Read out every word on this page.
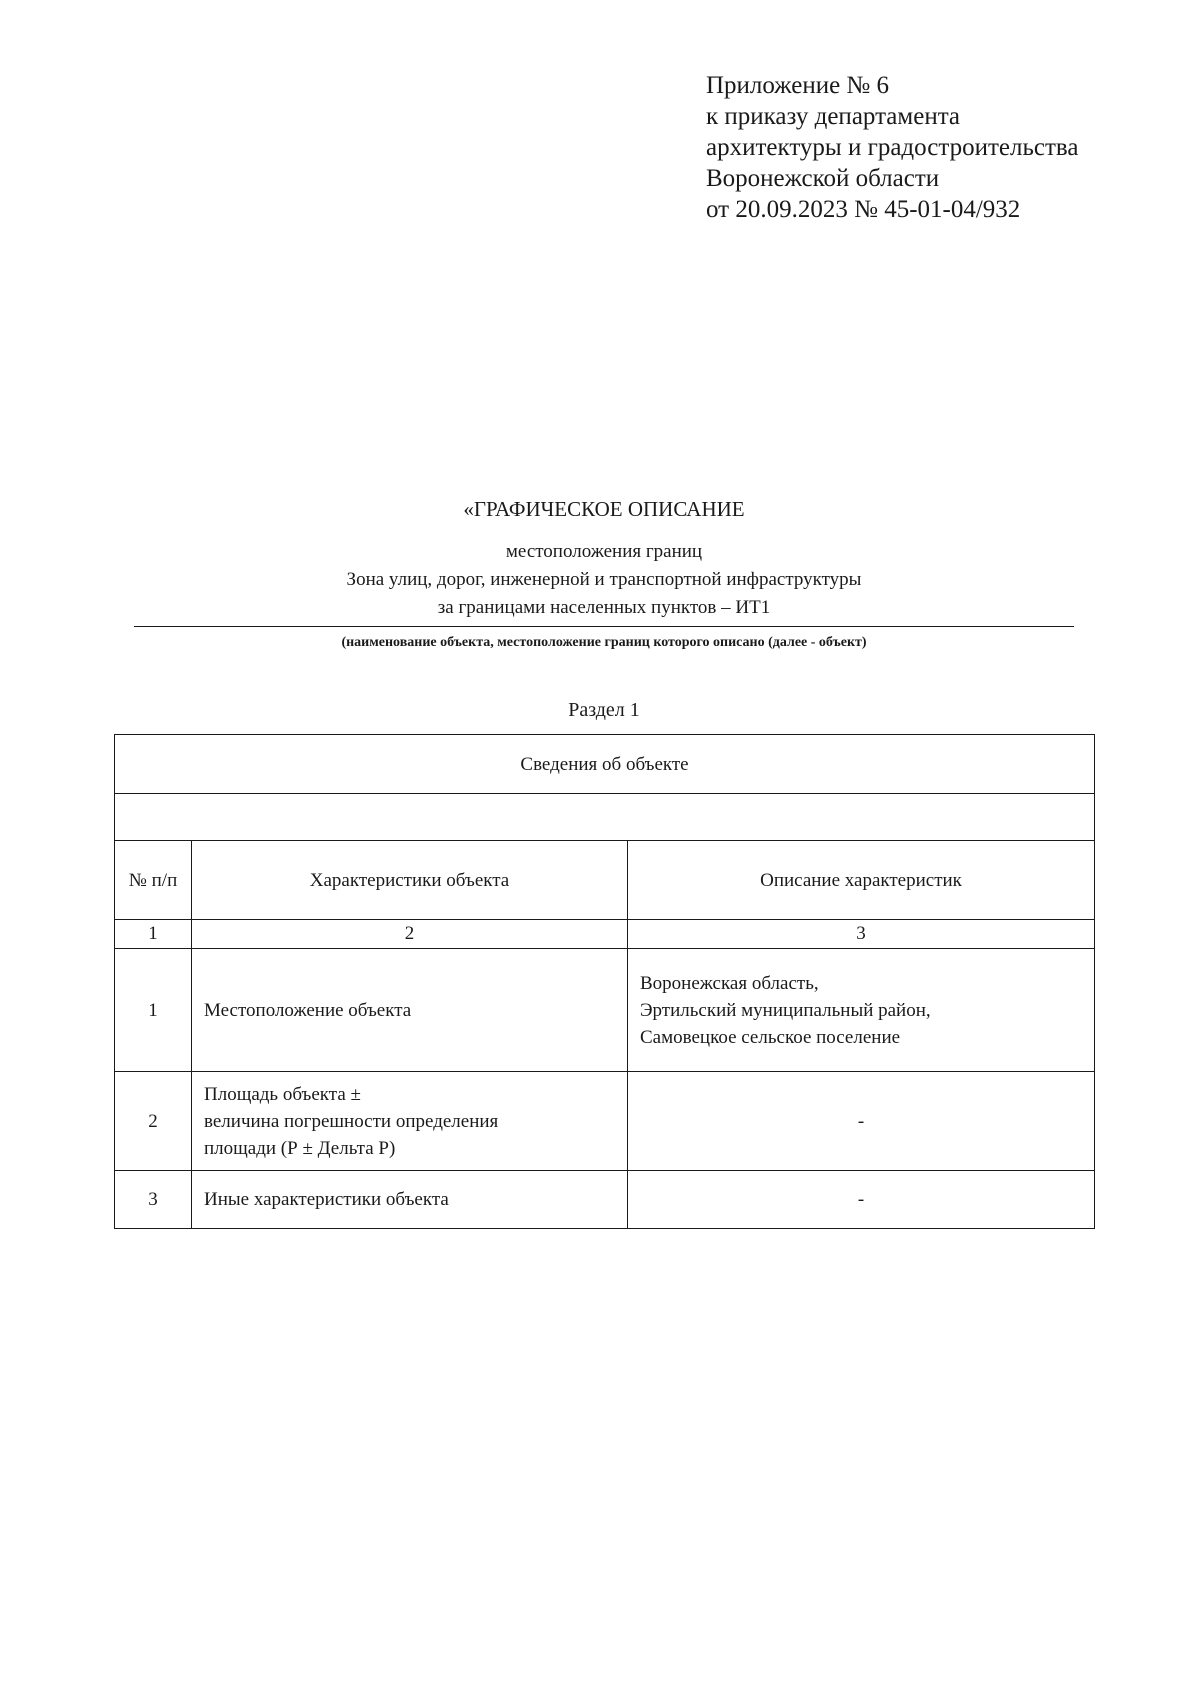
Приложение № 6
к приказу департамента
архитектуры и градостроительства
Воронежской области
от 20.09.2023 № 45-01-04/932
«ГРАФИЧЕСКОЕ ОПИСАНИЕ
местоположения границ
Зона улиц, дорог, инженерной и транспортной инфраструктуры
за границами населенных пунктов – ИТ1
(наименование объекта, местоположение границ которого описано (далее - объект)
Раздел 1
Сведения об объекте		

№ п/п	Характеристики объекта	Описание характеристик
1	2	3
1	Местоположение объекта	Воронежская область,
Эртильский муниципальный район,
Самовецкое сельское поселение

2	Площадь объекта ±
величина погрешности определения
площади (Р ± Дельта Р)	-
3	Иные характеристики объекта	-
